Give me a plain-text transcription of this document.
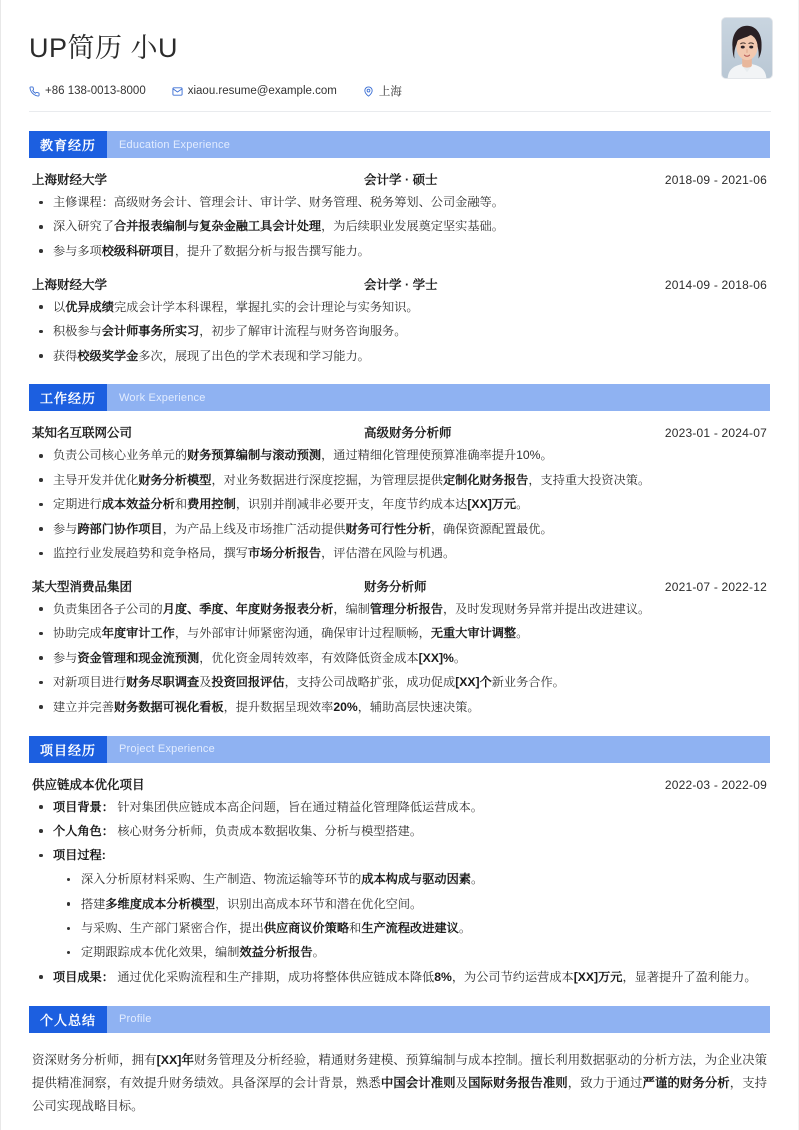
UP简历 小U
+86 138-0013-8000	xiaou.resume@example.com	上海
教育经历	Education Experience
上海财经大学	会计学 · 硕士	2018-09 - 2021-06
主修课程：高级财务会计、管理会计、审计学、财务管理、税务筹划、公司金融等。
深入研究了合并报表编制与复杂金融工具会计处理，为后续职业发展奠定坚实基础。
参与多项校级科研项目，提升了数据分析与报告撰写能力。
上海财经大学	会计学 · 学士	2014-09 - 2018-06
以优异成绩完成会计学本科课程，掌握扎实的会计理论与实务知识。
积极参与会计师事务所实习，初步了解审计流程与财务咨询服务。
获得校级奖学金多次，展现了出色的学术表现和学习能力。
工作经历	Work Experience
某知名互联网公司	高级财务分析师	2023-01 - 2024-07
负责公司核心业务单元的财务预算编制与滚动预测，通过精细化管理使预算准确率提升10%。
主导开发并优化财务分析模型，对业务数据进行深度挖掘，为管理层提供定制化财务报告，支持重大投资决策。
定期进行成本效益分析和费用控制，识别并削减非必要开支，年度节约成本达[XX]万元。
参与跨部门协作项目，为产品上线及市场推广活动提供财务可行性分析，确保资源配置最优。
监控行业发展趋势和竞争格局，撰写市场分析报告，评估潜在风险与机遇。
某大型消费品集团	财务分析师	2021-07 - 2022-12
负责集团各子公司的月度、季度、年度财务报表分析，编制管理分析报告，及时发现财务异常并提出改进建议。
协助完成年度审计工作，与外部审计师紧密沟通，确保审计过程顺畅，无重大审计调整。
参与资金管理和现金流预测，优化资金周转效率，有效降低资金成本[XX]%。
对新项目进行财务尽职调查及投资回报评估，支持公司战略扩张，成功促成[XX]个新业务合作。
建立并完善财务数据可视化看板，提升数据呈现效率20%，辅助高层快速决策。
项目经历	Project Experience
供应链成本优化项目	2022-03 - 2022-09
项目背景： 针对集团供应链成本高企问题，旨在通过精益化管理降低运营成本。
个人角色： 核心财务分析师，负责成本数据收集、分析与模型搭建。
项目过程:
深入分析原材料采购、生产制造、物流运输等环节的成本构成与驱动因素。
搭建多维度成本分析模型，识别出高成本环节和潜在优化空间。
与采购、生产部门紧密合作，提出供应商议价策略和生产流程改进建议。
定期跟踪成本优化效果，编制效益分析报告。
项目成果： 通过优化采购流程和生产排期，成功将整体供应链成本降低8%，为公司节约运营成本[XX]万元，显著提升了盈利能力。
个人总结	Profile
资深财务分析师，拥有[XX]年财务管理及分析经验，精通财务建模、预算编制与成本控制。擅长利用数据驱动的分析方法，为企业决策提供精准洞察，有效提升财务绩效。具备深厚的会计背景，熟悉中国会计准则及国际财务报告准则，致力于通过严谨的财务分析，支持公司实现战略目标。
